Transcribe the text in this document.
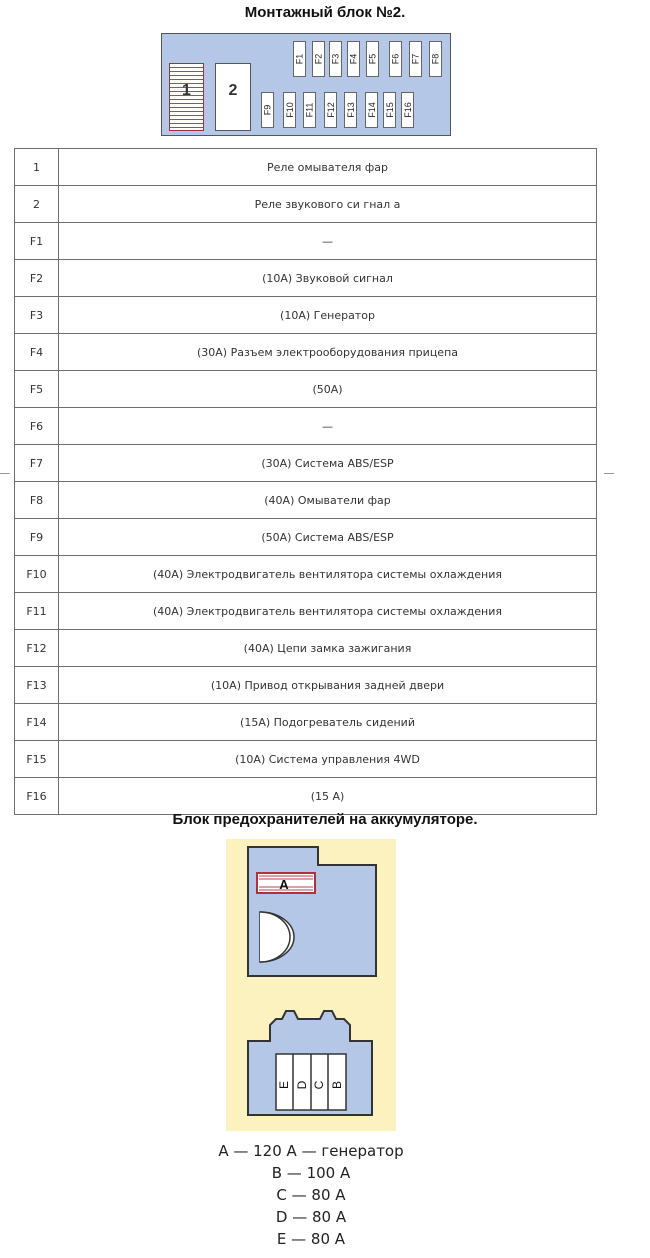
Монтажный блок №2.
1 2
F1 F2 F3 F4 F5 F6 F7 F8
F9 F10 F11 F12 F13 F14 F15 F16
1	Реле омывателя фар
2	Реле звукового си гнал а
F1	—
F2	(10А) Звуковой сигнал
F3	(10А) Генератор
F4	(30А) Разъем электрооборудования прицепа
F5	(50А)
F6	—
F7	(30А) Система ABS/ESP
F8	(40А) Омыватели фар
F9	(50А) Система ABS/ESP
F10	(40А) Электродвигатель вентилятора системы охлаждения
F11	(40А) Электродвигатель вентилятора системы охлаждения
F12	(40А) Цепи замка зажигания
F13	(10А) Привод открывания задней двери
F14	(15А) Подогреватель сидений
F15	(10А) Система управления 4WD
F16	(15 А)
Блок предохранителей на аккумуляторе.
A
E D C B
А — 120 А — генератор
В — 100 А
С — 80 А
D — 80 А
Е — 80 А
